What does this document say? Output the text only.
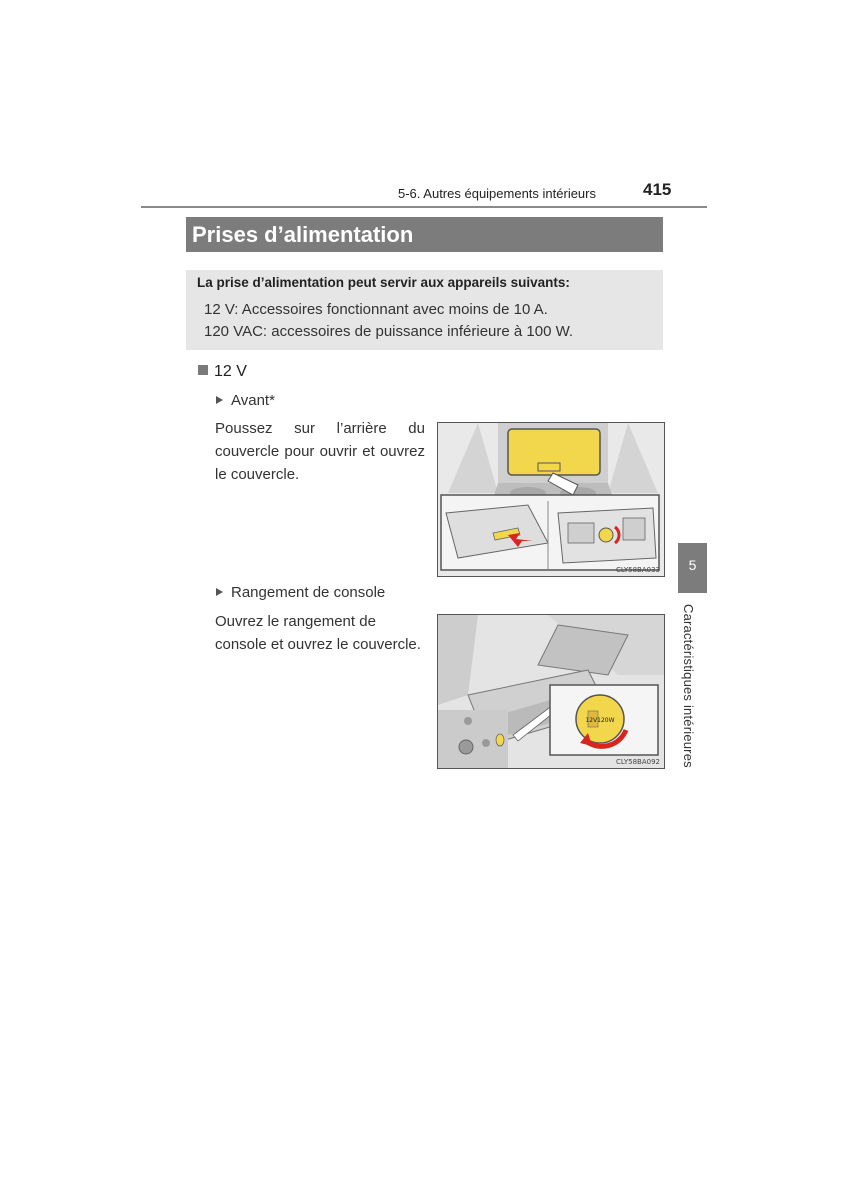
5-6. Autres équipements intérieurs	415
Prises d’alimentation
La prise d’alimentation peut servir aux appareils suivants:
12 V: Accessoires fonctionnant avec moins de 10 A.
120 VAC: accessoires de puissance inférieure à 100 W.
12 V
Avant*
Poussez sur l’arrière du couvercle pour ouvrir et ouvrez le couvercle.
CLY58BA033
Rangement de console
Ouvrez le rangement de console et ouvrez le couvercle.
12V120W
CLY58BA092
5
Caractéristiques intérieures
